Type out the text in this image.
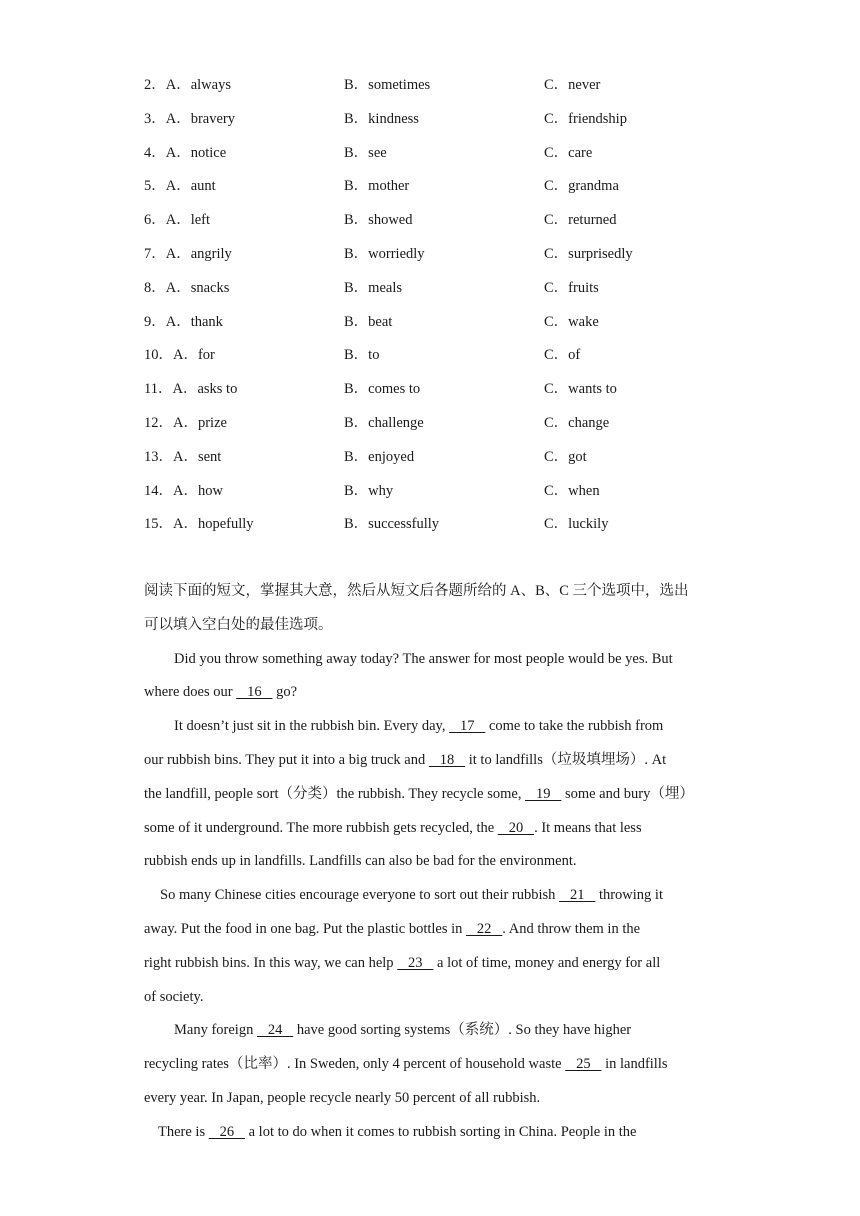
2．A．always	B．sometimes	C．never
3．A．bravery	B．kindness	C．friendship
4．A．notice	B．see	C．care
5．A．aunt	B．mother	C．grandma
6．A．left	B．showed	C．returned
7．A．angrily	B．worriedly	C．surprisedly
8．A．snacks	B．meals	C．fruits
9．A．thank	B．beat	C．wake
10．A．for	B．to	C．of
11．A．asks to	B．comes to	C．wants to
12．A．prize	B．challenge	C．change
13．A．sent	B．enjoyed	C．got
14．A．how	B．why	C．when
15．A．hopefully	B．successfully	C．luckily
阅读下面的短文，掌握其大意，然后从短文后各题所给的 A、B、C 三个选项中，选出
可以填入空白处的最佳选项。
Did you throw something away today? The answer for most people would be yes. But
where does our    16    go?
It doesn’t just sit in the rubbish bin. Every day,    17    come to take the rubbish from
our rubbish bins. They put it into a big truck and    18    it to landfills（垃圾填埋场）. At
the landfill, people sort（分类）the rubbish. They recycle some,    19    some and bury（埋）
some of it underground. The more rubbish gets recycled, the    20   . It means that less
rubbish ends up in landfills. Landfills can also be bad for the environment.
So many Chinese cities encourage everyone to sort out their rubbish    21    throwing it
away. Put the food in one bag. Put the plastic bottles in    22   . And throw them in the
right rubbish bins. In this way, we can help    23    a lot of time, money and energy for all
of society.
Many foreign    24    have good sorting systems（系统）. So they have higher
recycling rates（比率）. In Sweden, only 4 percent of household waste    25    in landfills
every year. In Japan, people recycle nearly 50 percent of all rubbish.
There is    26    a lot to do when it comes to rubbish sorting in China. People in the
